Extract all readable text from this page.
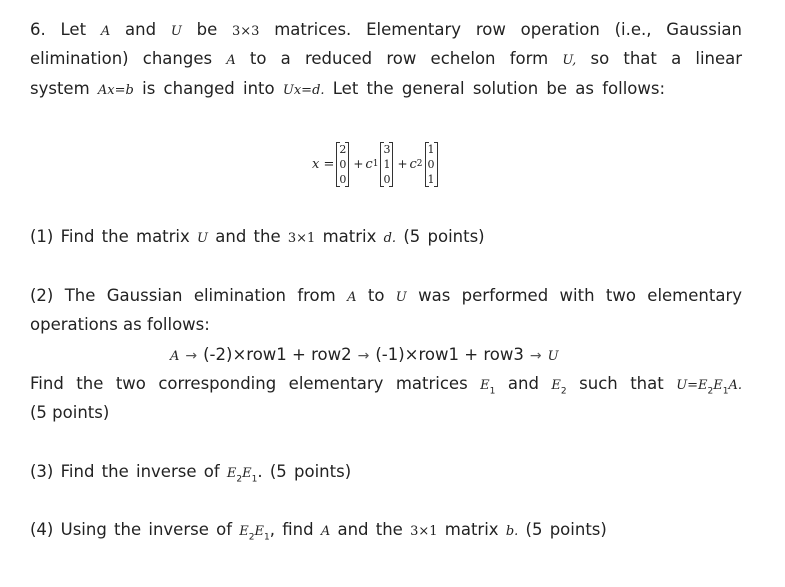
6. Let A and U be 3×3 matrices. Elementary row operation (i.e., Gaussian
elimination) changes A to a reduced row echelon form U, so that a linear
system Ax=b is changed into Ux=d. Let the general solution be as follows:
x =
2
0
0
+ c 1
3
1
0
+ c 2
1
0
1
(1) Find the matrix U and the 3×1 matrix d. (5 points)
(2) The Gaussian elimination from A to U was performed with two elementary
operations as follows:
A → (-2)×row1 + row2 → (-1)×row1 + row3 → U
Find the two corresponding elementary matrices $E_1$ and $E_2$ such that $U=E_2E_1A$.
(5 points)
(3) Find the inverse of $E_2E_1$. (5 points)
(4) Using the inverse of $E_2E_1$, find A and the 3×1 matrix b. (5 points)
